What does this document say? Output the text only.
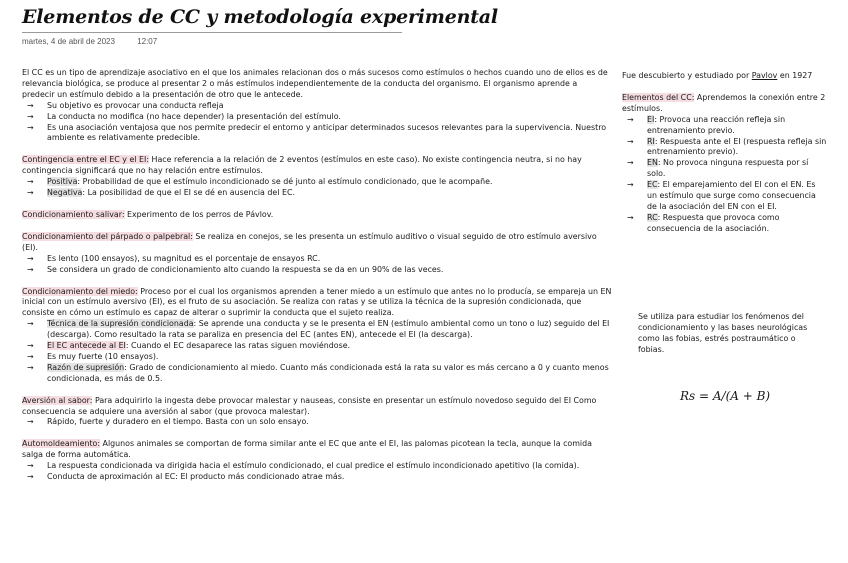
Elementos de CC y metodología experimental
martes, 4 de abril de 2023	12:07

El CC es un tipo de aprendizaje asociativo en el que los animales relacionan dos o más sucesos como estímulos o hechos cuando uno de ellos es de relevancia biológica, se produce al presentar 2 o más estímulos independientemente de la conducta del organismo. El organismo aprende a predecir un estímulo debido a la presentación de otro que le antecede.

→ Su objetivo es provocar una conducta refleja
→ La conducta no modifica (no hace depender) la presentación del estímulo.
→ Es una asociación ventajosa que nos permite predecir el entorno y anticipar determinados sucesos relevantes para la supervivencia. Nuestro ambiente es relativamente predecible.

Contingencia entre el EC y el EI: Hace referencia a la relación de 2 eventos (estímulos en este caso). No existe contingencia neutra, si no hay contingencia significará que no hay relación entre estímulos.

→ Positiva: Probabilidad de que el estímulo incondicionado se dé junto al estímulo condicionado, que le acompañe.
→ Negativa: La posibilidad de que el EI se dé en ausencia del EC.

Condicionamiento salivar: Experimento de los perros de Pávlov.

Condicionamiento del párpado o palpebral: Se realiza en conejos, se les presenta un estímulo auditivo o visual seguido de otro estímulo aversivo (EI).

→ Es lento (100 ensayos), su magnitud es el porcentaje de ensayos RC.
→ Se considera un grado de condicionamiento alto cuando la respuesta se da en un 90% de las veces.

Condicionamiento del miedo: Proceso por el cual los organismos aprenden a tener miedo a un estímulo que antes no lo producía, se empareja un EN inicial con un estímulo aversivo (EI), es el fruto de su asociación. Se realiza con ratas y se utiliza la técnica de la supresión condicionada, que consiste en cómo un estímulo es capaz de alterar o suprimir la conducta que el sujeto realiza.

→ Técnica de la supresión condicionada: Se aprende una conducta y se le presenta el EN (estímulo ambiental como un tono o luz) seguido del EI (descarga). Como resultado la rata se paraliza en presencia del EC (antes EN), antecede el EI (la descarga).
→ El EC antecede al EI: Cuando el EC desaparece las ratas siguen moviéndose.
→ Es muy fuerte (10 ensayos).
→ Razón de supresión: Grado de condicionamiento al miedo. Cuanto más condicionada está la rata su valor es más cercano a 0 y cuanto menos condicionada, es más de 0.5.

Aversión al sabor: Para adquirirlo la ingesta debe provocar malestar y nauseas, consiste en presentar un estímulo novedoso seguido del EI Como consecuencia se adquiere una aversión al sabor (que provoca malestar).

→ Rápido, fuerte y duradero en el tiempo. Basta con un solo ensayo.

Automoldeamiento: Algunos animales se comportan de forma similar ante el EC que ante el EI, las palomas picotean la tecla, aunque la comida salga de forma automática.

→ La respuesta condicionada va dirigida hacia el estímulo condicionado, el cual predice el estímulo incondicionado apetitivo (la comida).
→ Conducta de aproximación al EC: El producto más condicionado atrae más.

Fue descubierto y estudiado por Pavlov en 1927

Elementos del CC: Aprendemos la conexión entre 2 estímulos.

→ EI: Provoca una reacción refleja sin entrenamiento previo.
→ RI: Respuesta ante el EI (respuesta refleja sin entrenamiento previo).
→ EN: No provoca ninguna respuesta por sí solo.
→ EC: El emparejamiento del EI con el EN. Es un estímulo que surge como consecuencia de la asociación del EN con el EI.
→ RC: Respuesta que provoca como consecuencia de la asociación.

Se utiliza para estudiar los fenómenos del condicionamiento y las bases neurológicas como las fobias, estrés postraumático o fobias.

Rs = A/(A + B)
